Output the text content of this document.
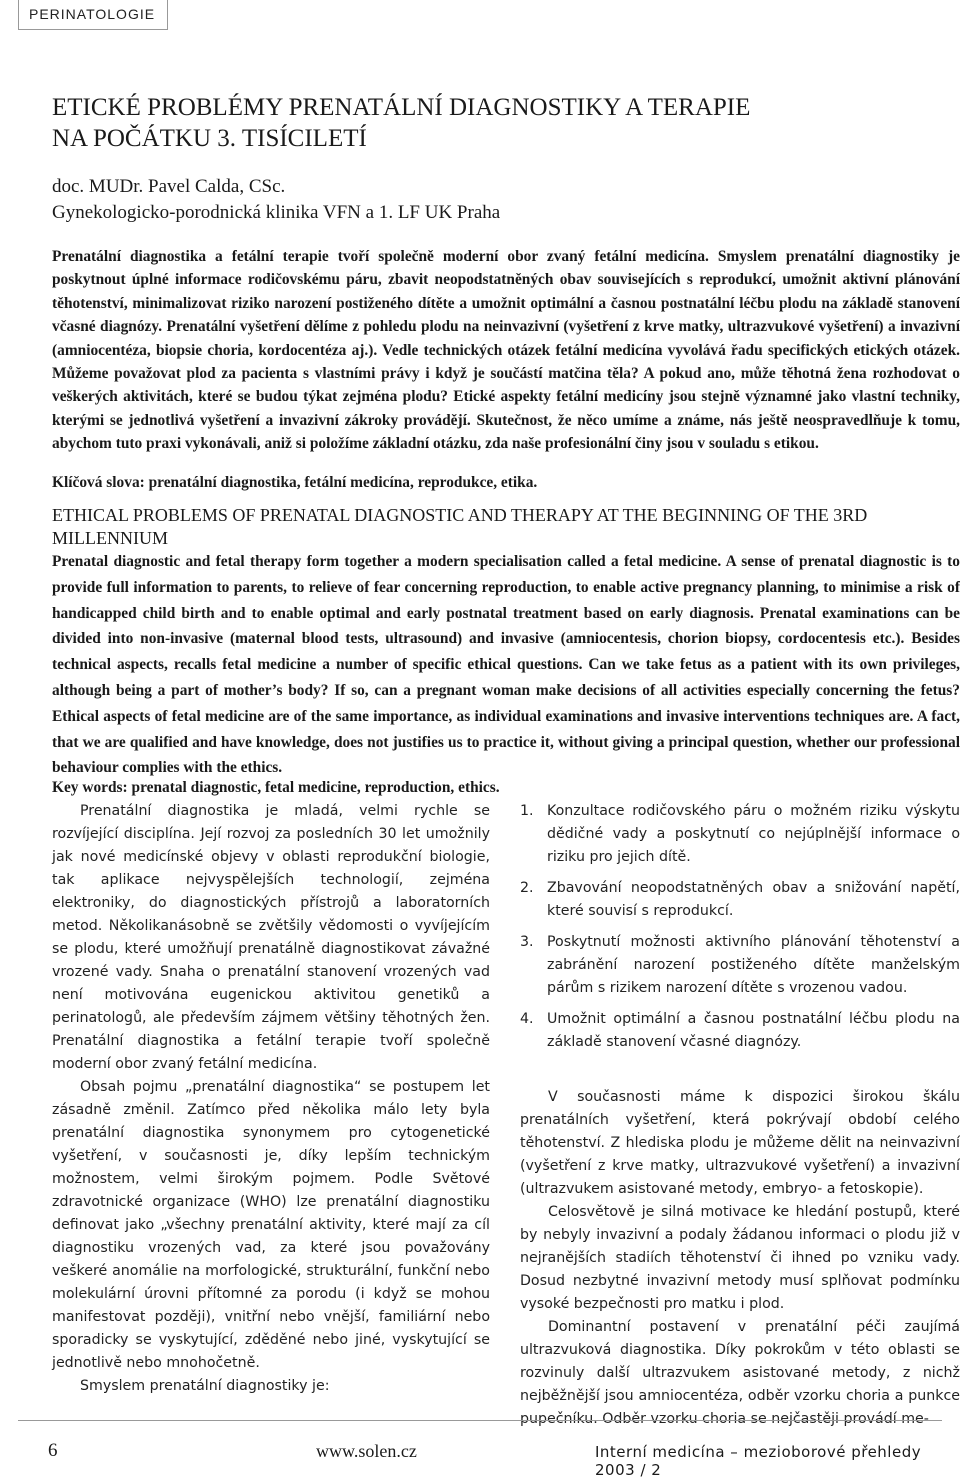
PERINATOLOGIE
ETICKÉ PROBLÉMY PRENATÁLNÍ DIAGNOSTIKY A TERAPIE
NA POČÁTKU 3. TISÍCILETÍ
doc. MUDr. Pavel Calda, CSc.
Gynekologicko-porodnická klinika VFN a 1. LF UK Praha

Prenatální diagnostika a fetální terapie tvoří společně moderní obor zvaný fetální medicína. Smyslem prenatální diagnostiky je poskytnout úplné informace rodičovskému páru, zbavit neopodstatněných obav souvisejících s reprodukcí, umožnit aktivní plánování těhotenství, minimalizovat riziko narození postiženého dítěte a umožnit optimální a časnou postnatální léčbu plodu na základě stanovení včasné diagnózy. Prenatální vyšetření dělíme z pohledu plodu na neinvazivní (vyšetření z krve matky, ultrazvukové vyšetření) a invazivní (amniocentéza, biopsie choria, kordocentéza aj.). Vedle technických otázek fetální medicína vyvolává řadu specifických etických otázek. Můžeme považovat plod za pacienta s vlastními právy i když je součástí matčina těla? A pokud ano, může těhotná žena rozhodovat o veškerých aktivitách, které se budou týkat zejména plodu? Etické aspekty fetální medicíny jsou stejně významné jako vlastní techniky, kterými se jednotlivá vyšetření a invazivní zákroky provádějí. Skutečnost, že něco umíme a známe, nás ještě neospravedlňuje k tomu, abychom tuto praxi vykonávali, aniž si položíme základní otázku, zda naše profesionální činy jsou v souladu s etikou.

Klíčová slova: prenatální diagnostika, fetální medicína, reprodukce, etika.
ETHICAL PROBLEMS OF PRENATAL DIAGNOSTIC AND THERAPY AT THE BEGINNING OF THE 3RD MILLENNIUM

Prenatal diagnostic and fetal therapy form together a modern specialisation called a fetal medicine. A sense of prenatal diagnostic is to provide full information to parents, to relieve of fear concerning reproduction, to enable active pregnancy planning, to minimise a risk of handicapped child birth and to enable optimal and early postnatal treatment based on early diagnosis. Prenatal examinations can be divided into non-invasive (maternal blood tests, ultrasound) and invasive (amniocentesis, chorion biopsy, cordocentesis etc.). Besides technical aspects, recalls fetal medicine a number of specific ethical questions. Can we take fetus as a patient with its own privileges, although being a part of mother’s body? If so, can a pregnant woman make decisions of all activities especially concerning the fetus? Ethical aspects of fetal medicine are of the same importance, as individual examinations and invasive interventions techniques are. A fact, that we are qualified and have knowledge, does not justifies us to practice it, without giving a principal question, whether our professional behaviour complies with the ethics.

Key words: prenatal diagnostic, fetal medicine, reproduction, ethics.

Prenatální diagnostika je mladá, velmi rychle se rozvíjející disciplína. Její rozvoj za posledních 30 let umožnily jak nové medicínské objevy v oblasti reprodukční biologie, tak aplikace nejvyspělejších technologií, zejména elektroniky, do diagnostických přístrojů a laboratorních metod. Několikanásobně se zvětšily vědomosti o vyvíjejícím se plodu, které umožňují prenatálně diagnostikovat závažné vrozené vady. Snaha o prenatální stanovení vrozených vad není motivována eugenickou aktivitou genetiků a perinatologů, ale především zájmem většiny těhotných žen. Prenatální diagnostika a fetální terapie tvoří společně moderní obor zvaný fetální medicína.

Obsah pojmu „prenatální diagnostika“ se postupem let zásadně změnil. Zatímco před několika málo lety byla prenatální diagnostika synonymem pro cytogenetické vyšetření, v současnosti je, díky lepším technickým možnostem, velmi širokým pojmem. Podle Světové zdravotnické organizace (WHO) lze prenatální diagnostiku definovat jako „všechny prenatální aktivity, které mají za cíl diagnostiku vrozených vad, za které jsou považovány veškeré anomálie na morfologické, strukturální, funkční nebo molekulární úrovni přítomné za porodu (i když se mohou manifestovat později), vnitřní nebo vnější, familiární nebo sporadicky se vyskytující, zděděné nebo jiné, vyskytující se jednotlivě nebo mnohočetně.

Smyslem prenatální diagnostiky je:

1. Konzultace rodičovského páru o možném riziku výskytu dědičné vady a poskytnutí co nejúplnější informace o riziku pro jejich dítě.
2. Zbavování neopodstatněných obav a snižování napětí, které souvisí s reprodukcí.
3. Poskytnutí možnosti aktivního plánování těhotenství a zabránění narození postiženého dítěte manželským párům s rizikem narození dítěte s vrozenou vadou.
4. Umožnit optimální a časnou postnatální léčbu plodu na základě stanovení včasné diagnózy.

V současnosti máme k dispozici širokou škálu prenatálních vyšetření, která pokrývají období celého těhotenství. Z hlediska plodu je můžeme dělit na neinvazivní (vyšetření z krve matky, ultrazvukové vyšetření) a invazivní (ultrazvukem asistované metody, embryo- a fetoskopie).

Celosvětově je silná motivace ke hledání postupů, které by nebyly invazivní a podaly žádanou informaci o plodu již v nejranějších stadiích těhotenství či ihned po vzniku vady. Dosud nezbytné invazivní metody musí splňovat podmínku vysoké bezpečnosti pro matku i plod.

Dominantní postavení v prenatální péči zaujímá ultrazvuková diagnostika. Díky pokrokům v této oblasti se rozvinuly další ultrazvukem asistované metody, z nichž nejběžnější jsou amniocentéza, odběr vzorku choria a punkce pupečníku. Odběr vzorku choria se nejčastěji provádí me-

6	www.solen.cz	Interní medicína – mezioborové přehledy 2003 / 2
